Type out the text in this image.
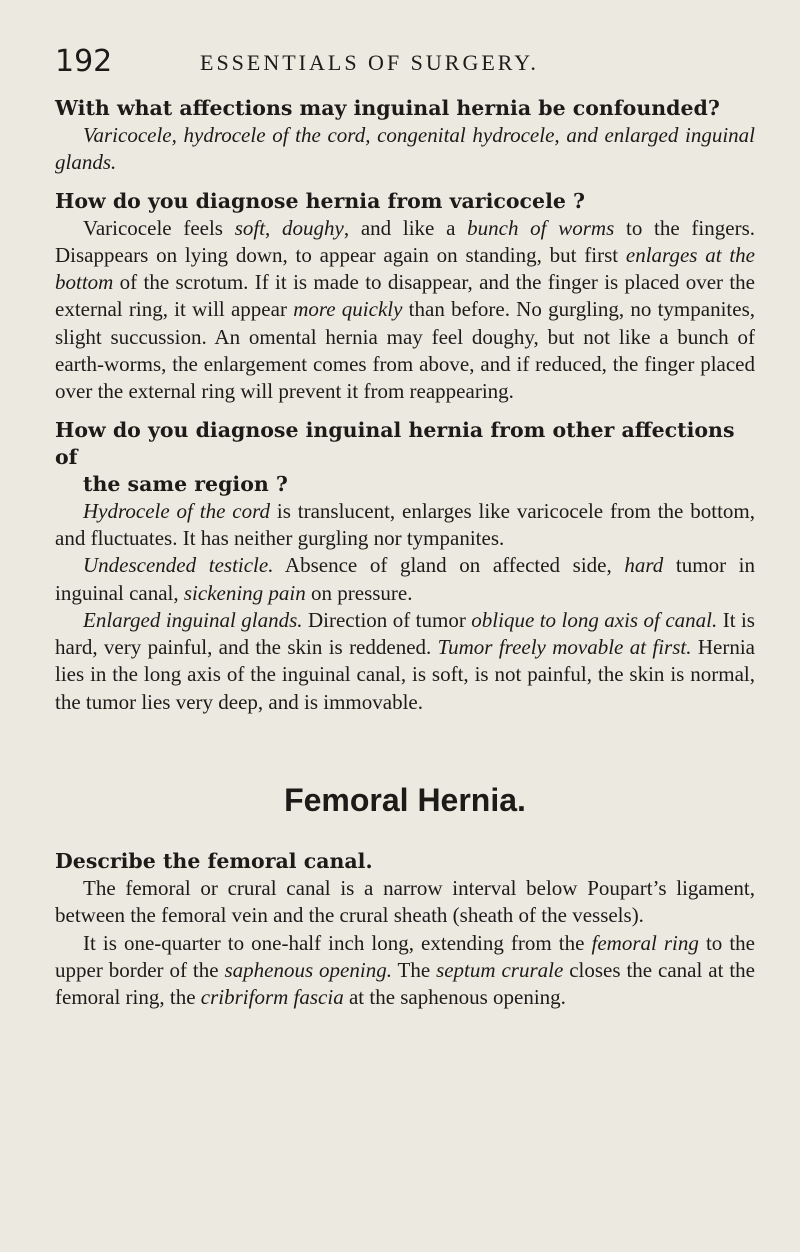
192	ESSENTIALS OF SURGERY.

With what affections may inguinal hernia be confounded?

Varicocele, hydrocele of the cord, congenital hydrocele, and enlarged inguinal glands.

How do you diagnose hernia from varicocele ?

Varicocele feels soft, doughy, and like a bunch of worms to the fingers. Disappears on lying down, to appear again on standing, but first enlarges at the bottom of the scrotum. If it is made to disappear, and the finger is placed over the external ring, it will appear more quickly than before. No gurgling, no tympanites, slight succussion. An omental hernia may feel doughy, but not like a bunch of earth-worms, the enlargement comes from above, and if reduced, the finger placed over the external ring will prevent it from reappearing.

How do you diagnose inguinal hernia from other affections of
the same region ?

Hydrocele of the cord is translucent, enlarges like varicocele from the bottom, and fluctuates. It has neither gurgling nor tympanites.

Undescended testicle. Absence of gland on affected side, hard tumor in inguinal canal, sickening pain on pressure.

Enlarged inguinal glands. Direction of tumor oblique to long axis of canal. It is hard, very painful, and the skin is reddened. Tumor freely movable at first. Hernia lies in the long axis of the inguinal canal, is soft, is not painful, the skin is normal, the tumor lies very deep, and is immovable.

Femoral Hernia.

Describe the femoral canal.

The femoral or crural canal is a narrow interval below Poupart’s ligament, between the femoral vein and the crural sheath (sheath of the vessels).

It is one-quarter to one-half inch long, extending from the femoral ring to the upper border of the saphenous opening. The septum crurale closes the canal at the femoral ring, the cribriform fascia at the saphenous opening.
